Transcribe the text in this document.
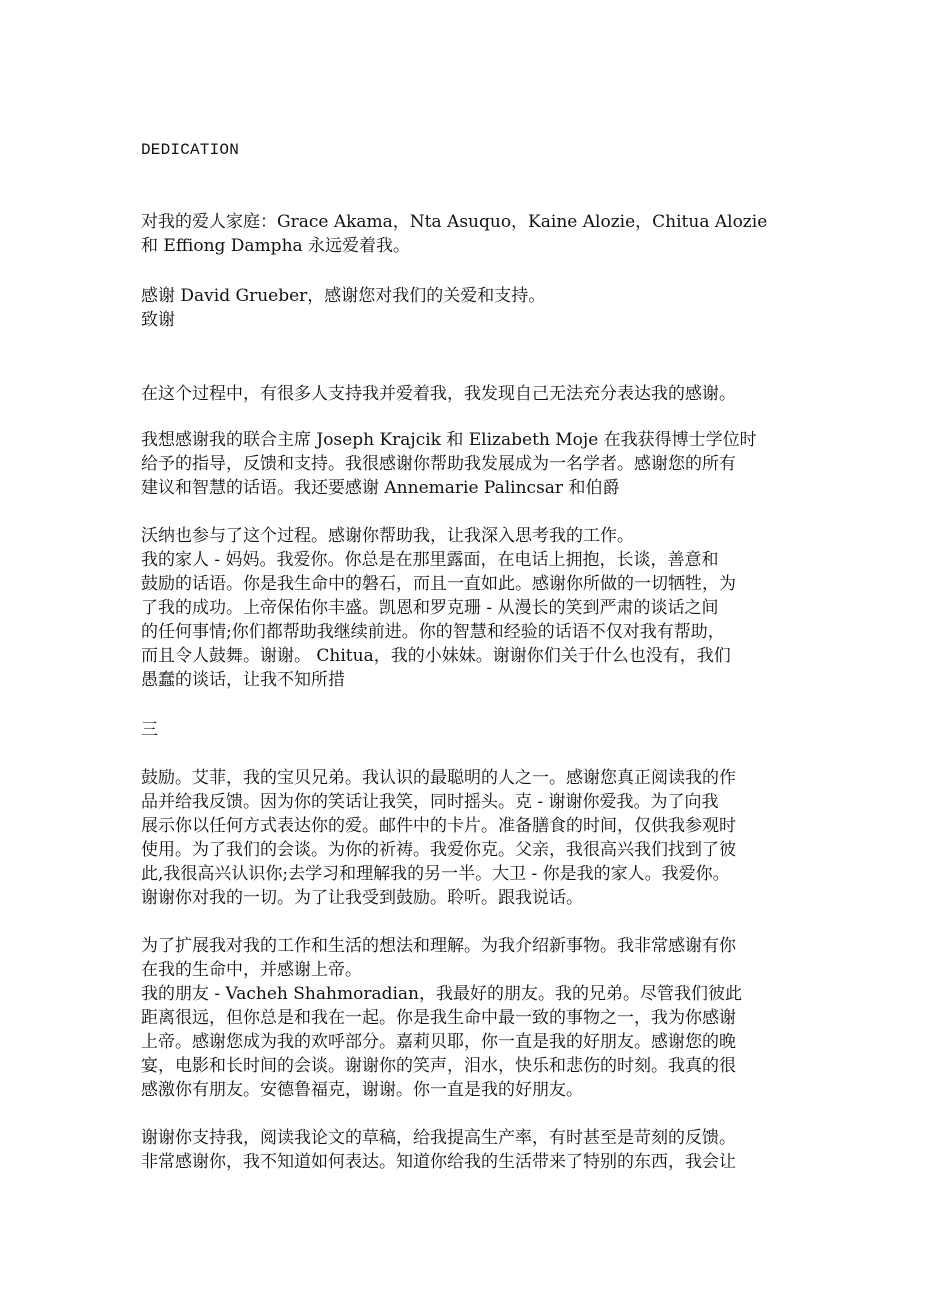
DEDICATION

对我的爱人家庭：Grace Akama，Nta Asuquo，Kaine Alozie，Chitua Alozie
和 Effiong Dampha 永远爱着我。

感谢 David Grueber，感谢您对我们的关爱和支持。
致谢

在这个过程中，有很多人支持我并爱着我，我发现自己无法充分表达我的感谢。

我想感谢我的联合主席 Joseph Krajcik 和 Elizabeth Moje 在我获得博士学位时
给予的指导，反馈和支持。我很感谢你帮助我发展成为一名学者。感谢您的所有
建议和智慧的话语。我还要感谢 Annemarie Palincsar 和伯爵

沃纳也参与了这个过程。感谢你帮助我，让我深入思考我的工作。
我的家人 - 妈妈。我爱你。你总是在那里露面，在电话上拥抱，长谈，善意和
鼓励的话语。你是我生命中的磐石，而且一直如此。感谢你所做的一切牺牲，为
了我的成功。上帝保佑你丰盛。凯恩和罗克珊 - 从漫长的笑到严肃的谈话之间
的任何事情;你们都帮助我继续前进。你的智慧和经验的话语不仅对我有帮助，
而且令人鼓舞。谢谢。 Chitua，我的小妹妹。谢谢你们关于什么也没有，我们
愚蠢的谈话，让我不知所措

三

鼓励。艾菲，我的宝贝兄弟。我认识的最聪明的人之一。感谢您真正阅读我的作
品并给我反馈。因为你的笑话让我笑，同时摇头。克 - 谢谢你爱我。为了向我
展示你以任何方式表达你的爱。邮件中的卡片。准备膳食的时间，仅供我参观时
使用。为了我们的会谈。为你的祈祷。我爱你克。父亲，我很高兴我们找到了彼
此,我很高兴认识你;去学习和理解我的另一半。大卫 - 你是我的家人。我爱你。
谢谢你对我的一切。为了让我受到鼓励。聆听。跟我说话。

为了扩展我对我的工作和生活的想法和理解。为我介绍新事物。我非常感谢有你
在我的生命中，并感谢上帝。
我的朋友 - Vacheh Shahmoradian，我最好的朋友。我的兄弟。尽管我们彼此
距离很远，但你总是和我在一起。你是我生命中最一致的事物之一，我为你感谢
上帝。感谢您成为我的欢呼部分。嘉莉贝耶，你一直是我的好朋友。感谢您的晚
宴，电影和长时间的会谈。谢谢你的笑声，泪水，快乐和悲伤的时刻。我真的很
感激你有朋友。安德鲁福克，谢谢。你一直是我的好朋友。

谢谢你支持我，阅读我论文的草稿，给我提高生产率，有时甚至是苛刻的反馈。
非常感谢你，我不知道如何表达。知道你给我的生活带来了特别的东西，我会让
